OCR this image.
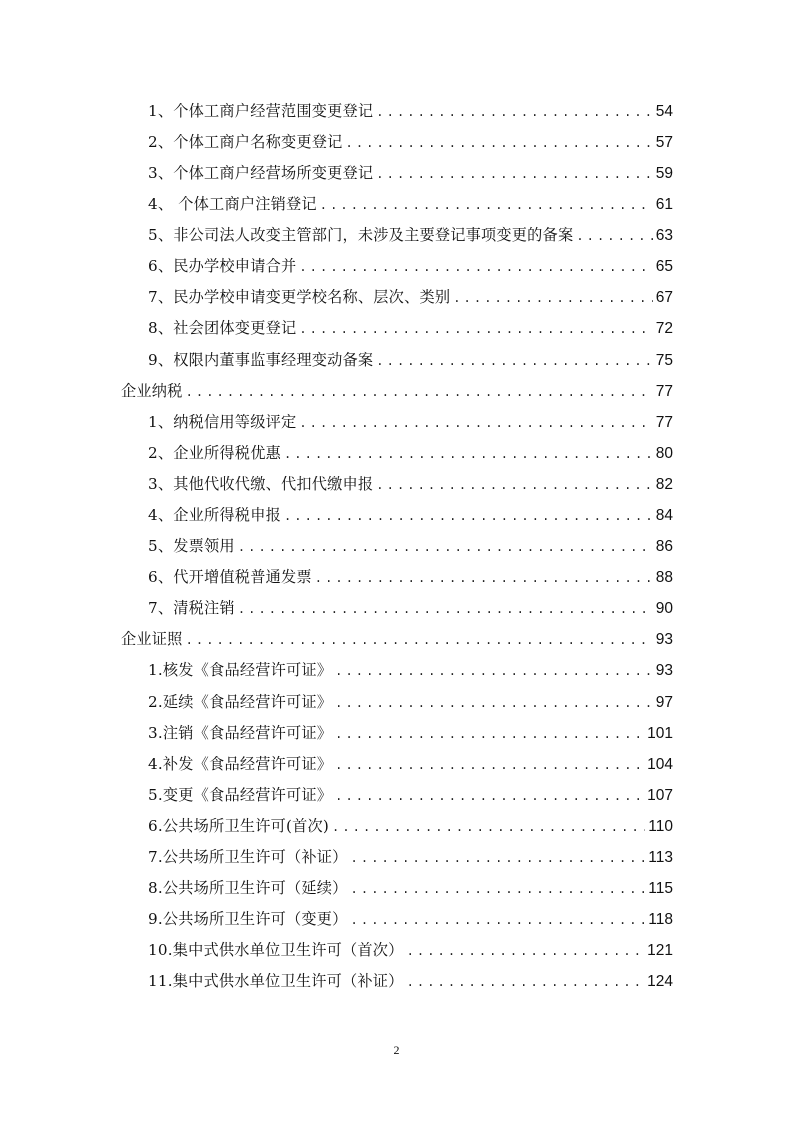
1、个体工商户经营范围变更登记 .....	54
2、个体工商户名称变更登记 .....	57
3、个体工商户经营场所变更登记 .....	59
4、 个体工商户注销登记 .....	61
5、非公司法人改变主管部门，未涉及主要登记事项变更的备案 .....	63
6、民办学校申请合并 .....	65
7、民办学校申请变更学校名称、层次、类别 .....	67
8、社会团体变更登记 .....	72
9、权限内董事监事经理变动备案 .....	75
企业纳税 .....	77
1、纳税信用等级评定 .....	77
2、企业所得税优惠 .....	80
3、其他代收代缴、代扣代缴申报 .....	82
4、企业所得税申报 .....	84
5、发票领用 .....	86
6、代开增值税普通发票 .....	88
7、清税注销 .....	90
企业证照 .....	93
1.核发《食品经营许可证》 .....	93
2.延续《食品经营许可证》 .....	97
3.注销《食品经营许可证》 .....	101
4.补发《食品经营许可证》 .....	104
5.变更《食品经营许可证》 .....	107
6.公共场所卫生许可(首次) .....	110
7.公共场所卫生许可（补证） .....	113
8.公共场所卫生许可（延续） .....	115
9.公共场所卫生许可（变更） .....	118
10.集中式供水单位卫生许可（首次） .....	121
11.集中式供水单位卫生许可（补证） .....	124
2
